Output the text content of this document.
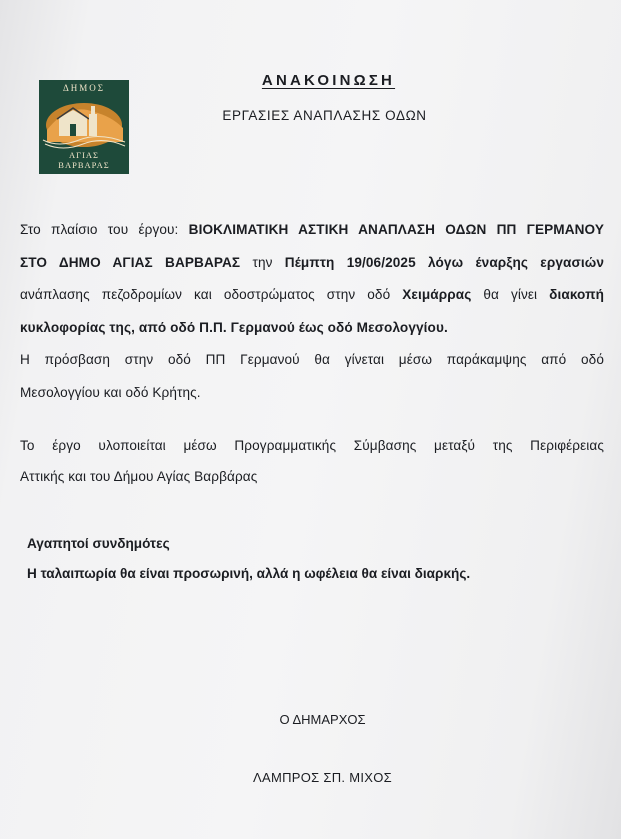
ΔΗΜΟΣ
ΑΓΙΑΣ
ΒΑΡΒΑΡΑΣ
ΑΝΑΚΟΙΝΩΣΗ
ΕΡΓΑΣΙΕΣ ΑΝΑΠΛΑΣΗΣ ΟΔΩΝ
Στο πλαίσιο του έργου: ΒΙΟΚΛΙΜΑΤΙΚΗ ΑΣΤΙΚΗ ΑΝΑΠΛΑΣΗ ΟΔΩΝ ΠΠ ΓΕΡΜΑΝΟΥ
ΣΤΟ ΔΗΜΟ ΑΓΙΑΣ ΒΑΡΒΑΡΑΣ την Πέμπτη 19/06/2025 λόγω έναρξης εργασιών
ανάπλασης πεζοδρομίων και οδοστρώματος στην οδό Χειμάρρας θα γίνει διακοπή
κυκλοφορίας της, από οδό Π.Π. Γερμανού έως οδό Μεσολογγίου.
Η πρόσβαση στην οδό ΠΠ Γερμανού θα γίνεται μέσω παράκαμψης από οδό
Μεσολογγίου και οδό Κρήτης.
Το έργο υλοποιείται μέσω Προγραμματικής Σύμβασης μεταξύ της Περιφέρειας
Αττικής και του Δήμου Αγίας Βαρβάρας
Αγαπητοί συνδημότες
Η ταλαιπωρία θα είναι προσωρινή, αλλά η ωφέλεια θα είναι διαρκής.
Ο ΔΗΜΑΡΧΟΣ
ΛΑΜΠΡΟΣ ΣΠ. ΜΙΧΟΣ
